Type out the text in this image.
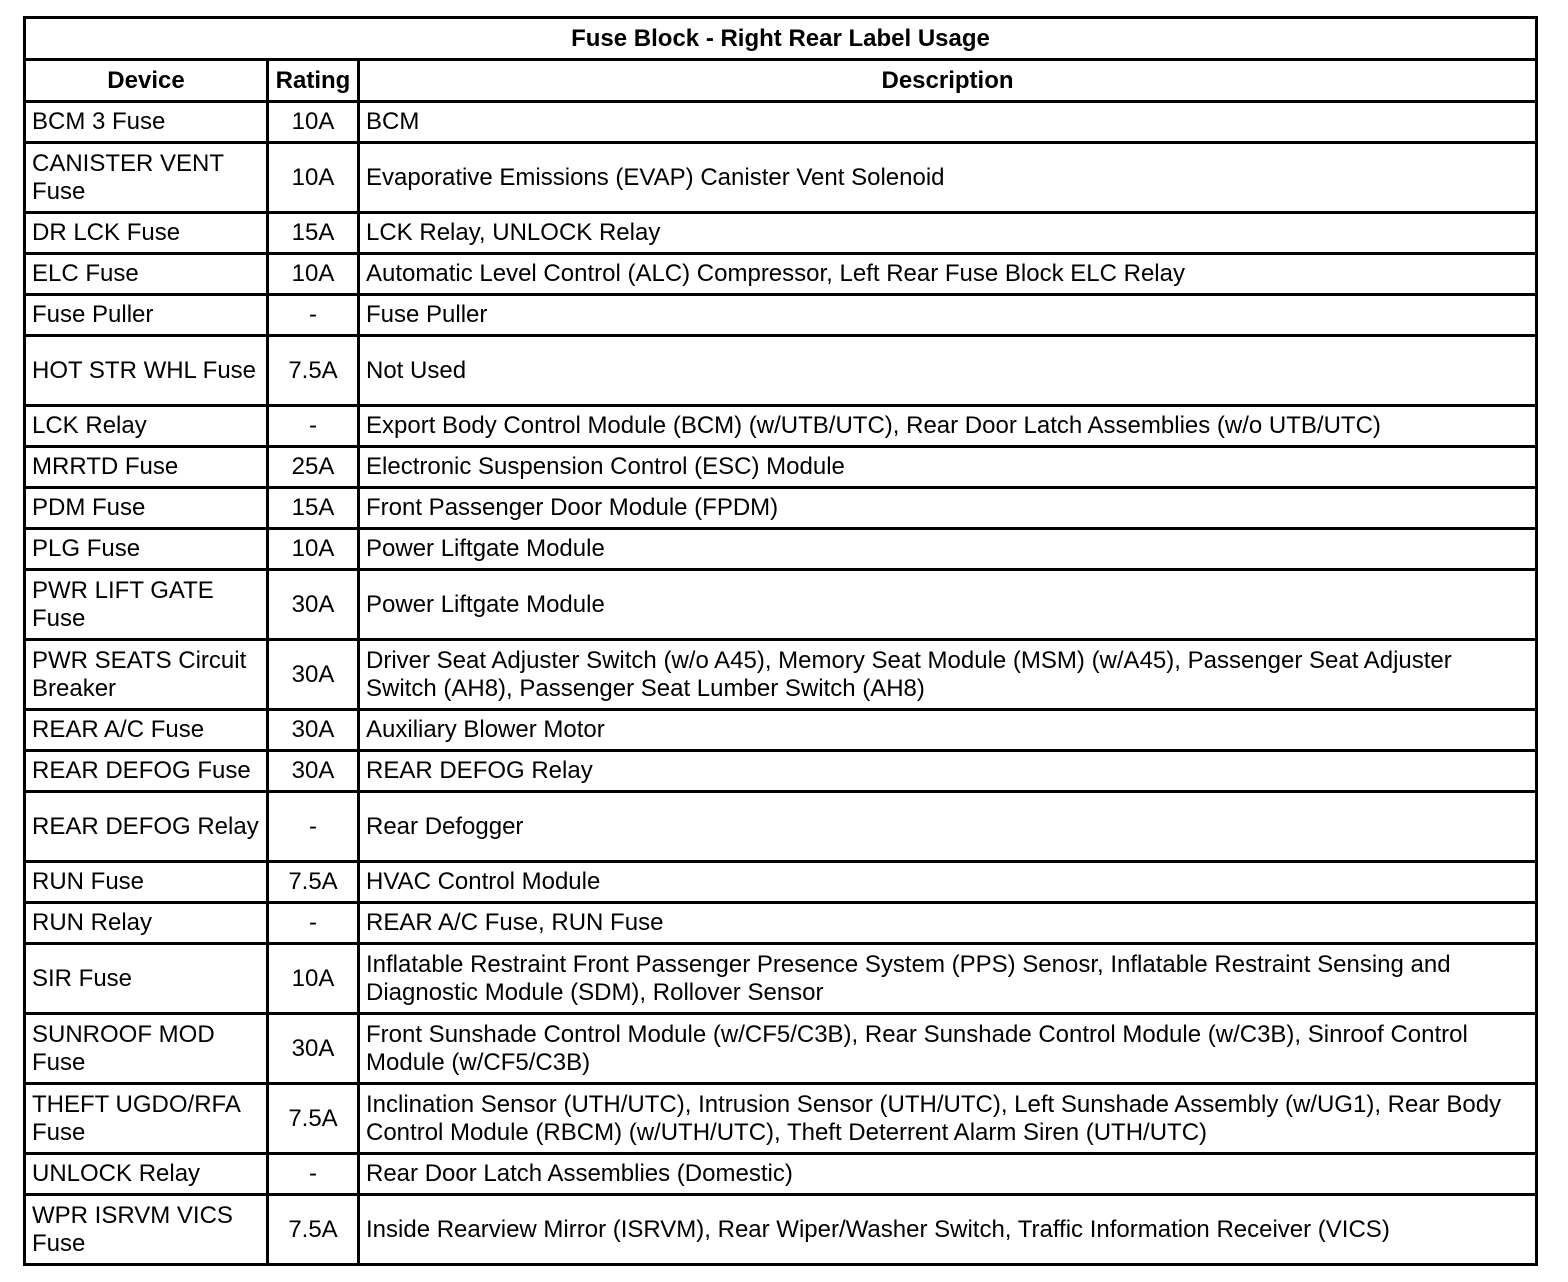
Fuse Block - Right Rear Label Usage		
Device	Rating	Description
BCM 3 Fuse	10A	BCM
CANISTER VENT Fuse	10A	Evaporative Emissions (EVAP) Canister Vent Solenoid
DR LCK Fuse	15A	LCK Relay, UNLOCK Relay
ELC Fuse	10A	Automatic Level Control (ALC) Compressor, Left Rear Fuse Block ELC Relay
Fuse Puller	-	Fuse Puller
HOT STR WHL Fuse	7.5A	Not Used
LCK Relay	-	Export Body Control Module (BCM) (w/UTB/UTC), Rear Door Latch Assemblies (w/o UTB/UTC)
MRRTD Fuse	25A	Electronic Suspension Control (ESC) Module
PDM Fuse	15A	Front Passenger Door Module (FPDM)
PLG Fuse	10A	Power Liftgate Module
PWR LIFT GATE Fuse	30A	Power Liftgate Module
PWR SEATS Circuit Breaker	30A	Driver Seat Adjuster Switch (w/o A45), Memory Seat Module (MSM) (w/A45), Passenger Seat Adjuster Switch (AH8), Passenger Seat Lumber Switch (AH8)
REAR A/C Fuse	30A	Auxiliary Blower Motor
REAR DEFOG Fuse	30A	REAR DEFOG Relay
REAR DEFOG Relay	-	Rear Defogger
RUN Fuse	7.5A	HVAC Control Module
RUN Relay	-	REAR A/C Fuse, RUN Fuse
SIR Fuse	10A	Inflatable Restraint Front Passenger Presence System (PPS) Senosr, Inflatable Restraint Sensing and Diagnostic Module (SDM), Rollover Sensor
SUNROOF MOD Fuse	30A	Front Sunshade Control Module (w/CF5/C3B), Rear Sunshade Control Module (w/C3B), Sinroof Control Module (w/CF5/C3B)
THEFT UGDO/RFA Fuse	7.5A	Inclination Sensor (UTH/UTC), Intrusion Sensor (UTH/UTC), Left Sunshade Assembly (w/UG1), Rear Body Control Module (RBCM) (w/UTH/UTC), Theft Deterrent Alarm Siren (UTH/UTC)
UNLOCK Relay	-	Rear Door Latch Assemblies (Domestic)
WPR ISRVM VICS Fuse	7.5A	Inside Rearview Mirror (ISRVM), Rear Wiper/Washer Switch, Traffic Information Receiver (VICS)
